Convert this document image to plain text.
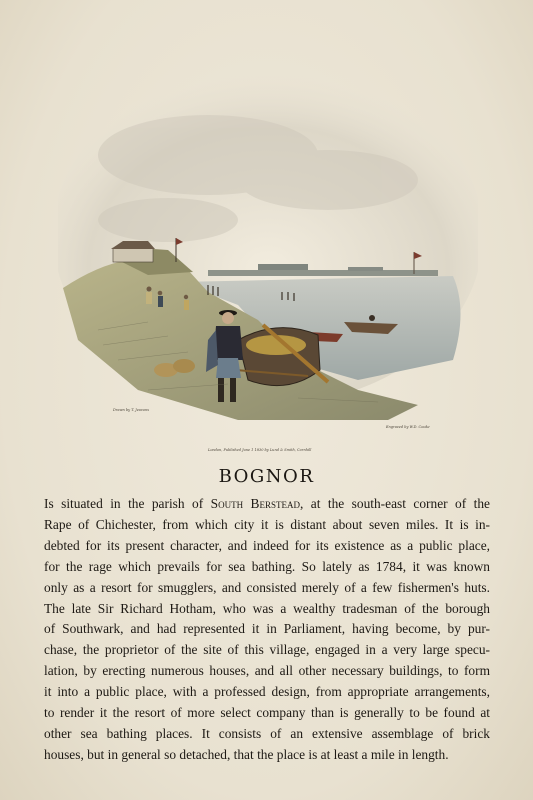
Drawn by T. Jeavons
Engraved by W.D. Cooke
London, Published June 1 1830 by Lund & Smith, Cornhill
BOGNOR
Is situated in the parish of South Berstead, at the south-east corner of the
Rape of Chichester, from which city it is distant about seven miles. It is in-
debted for its present character, and indeed for its existence as a public place,
for the rage which prevails for sea bathing. So lately as 1784, it was known
only as a resort for smugglers, and consisted merely of a few fishermen's huts.
The late Sir Richard Hotham, who was a wealthy tradesman of the borough
of Southwark, and had represented it in Parliament, having become, by pur-
chase, the proprietor of the site of this village, engaged in a very large specu-
lation, by erecting numerous houses, and all other necessary buildings, to form
it into a public place, with a professed design, from appropriate arrangements,
to render it the resort of more select company than is generally to be found at
other sea bathing places. It consists of an extensive assemblage of brick
houses, but in general so detached, that the place is at least a mile in length.
